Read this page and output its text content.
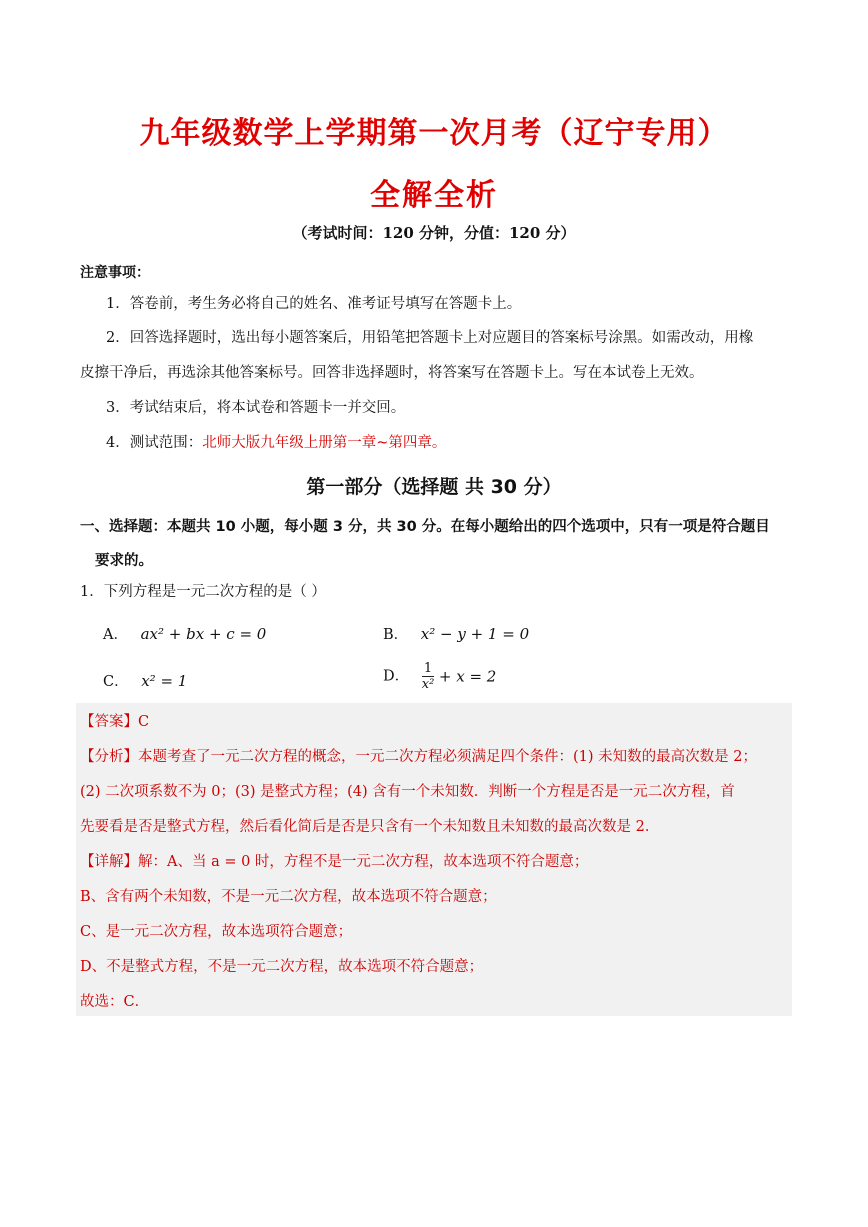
九年级数学上学期第一次月考（辽宁专用）
全解全析
（考试时间：120 分钟，分值：120 分）
注意事项：
1．答卷前，考生务必将自己的姓名、准考证号填写在答题卡上。
2．回答选择题时，选出每小题答案后，用铅笔把答题卡上对应题目的答案标号涂黑。如需改动，用橡
皮擦干净后，再选涂其他答案标号。回答非选择题时，将答案写在答题卡上。写在本试卷上无效。
3．考试结束后，将本试卷和答题卡一并交回。
4．测试范围：北师大版九年级上册第一章~第四章。
第一部分（选择题 共 30 分）
一、选择题：本题共 10 小题，每小题 3 分，共 30 分。在每小题给出的四个选项中，只有一项是符合题目
要求的。
1．下列方程是一元二次方程的是（ ）
A． ax² + bx + c = 0	B． x² − y + 1 = 0
C． x² = 1	D． $\frac{1}{\text{x²}} + x = 2$
【答案】C
【分析】本题考查了一元二次方程的概念，一元二次方程必须满足四个条件：(1) 未知数的最高次数是 2；
(2) 二次项系数不为 0；(3) 是整式方程；(4) 含有一个未知数．判断一个方程是否是一元二次方程，首
先要看是否是整式方程，然后看化简后是否是只含有一个未知数且未知数的最高次数是 2．
【详解】解：A、当 a = 0 时，方程不是一元二次方程，故本选项不符合题意；
B、含有两个未知数，不是一元二次方程，故本选项不符合题意；
C、是一元二次方程，故本选项符合题意；
D、不是整式方程，不是一元二次方程，故本选项不符合题意；
故选：C．
